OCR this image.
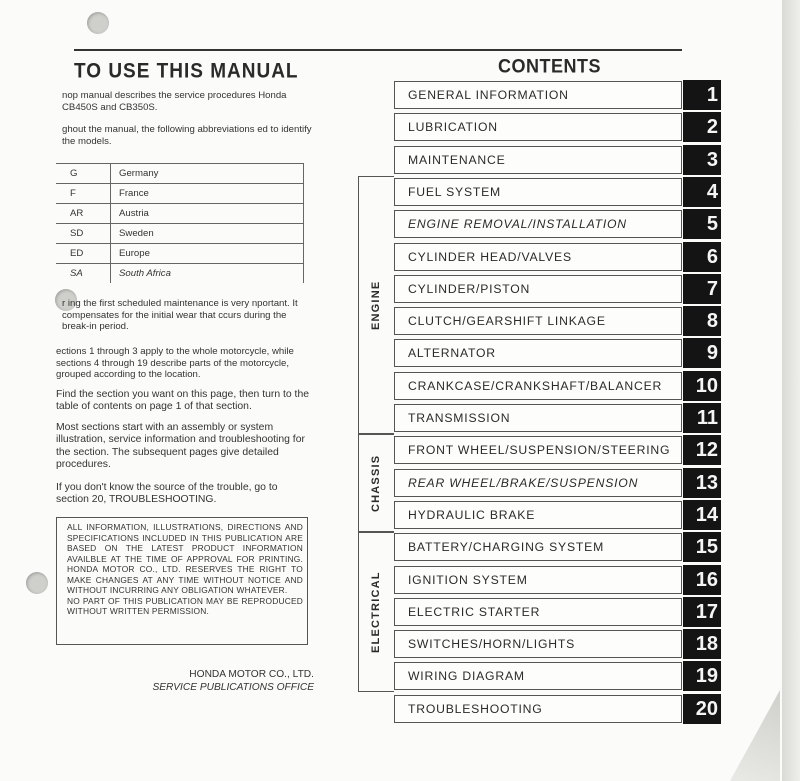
TO USE THIS MANUAL
nop manual describes the service procedures Honda CB450S and CB350S.
ghout the manual, the following abbreviations ed to identify the models.
G	Germany
F	France
AR	Austria
SD	Sweden
ED	Europe
SA	South Africa
r ing the first scheduled maintenance is very nportant. It compensates for the initial wear that ccurs during the break-in period.
ections 1 through 3 apply to the whole motorcycle, while sections 4 through 19 describe parts of the motorcycle, grouped according to the location.
Find the section you want on this page, then turn to the table of contents on page 1 of that section.
Most sections start with an assembly or system illustration, service information and troubleshooting for the section. The subsequent pages give detailed procedures.
If you don't know the source of the trouble, go to section 20, TROUBLESHOOTING.

ALL INFORMATION, ILLUSTRATIONS, DIRECTIONS AND SPECIFICATIONS INCLUDED IN THIS PUBLICATION ARE BASED ON THE LATEST PRODUCT INFORMATION AVAILBLE AT THE TIME OF APPROVAL FOR PRINTING. HONDA MOTOR CO., LTD. RESERVES THE RIGHT TO MAKE CHANGES AT ANY TIME WITHOUT NOTICE AND WITHOUT INCURRING ANY OBLIGATION WHATEVER.

NO PART OF THIS PUBLICATION MAY BE REPRODUCED WITHOUT WRITTEN PERMISSION.

HONDA MOTOR CO., LTD.
SERVICE PUBLICATIONS OFFICE
CONTENTS
ENGINE
CHASSIS
ELECTRICAL
GENERAL INFORMATION	1
LUBRICATION	2
MAINTENANCE	3
FUEL SYSTEM	4
ENGINE REMOVAL/INSTALLATION	5
CYLINDER HEAD/VALVES	6
CYLINDER/PISTON	7
CLUTCH/GEARSHIFT LINKAGE	8
ALTERNATOR	9
CRANKCASE/CRANKSHAFT/BALANCER	10
TRANSMISSION	11
FRONT WHEEL/SUSPENSION/STEERING	12
REAR WHEEL/BRAKE/SUSPENSION	13
HYDRAULIC BRAKE	14
BATTERY/CHARGING SYSTEM	15
IGNITION SYSTEM	16
ELECTRIC STARTER	17
SWITCHES/HORN/LIGHTS	18
WIRING DIAGRAM	19
TROUBLESHOOTING	20
